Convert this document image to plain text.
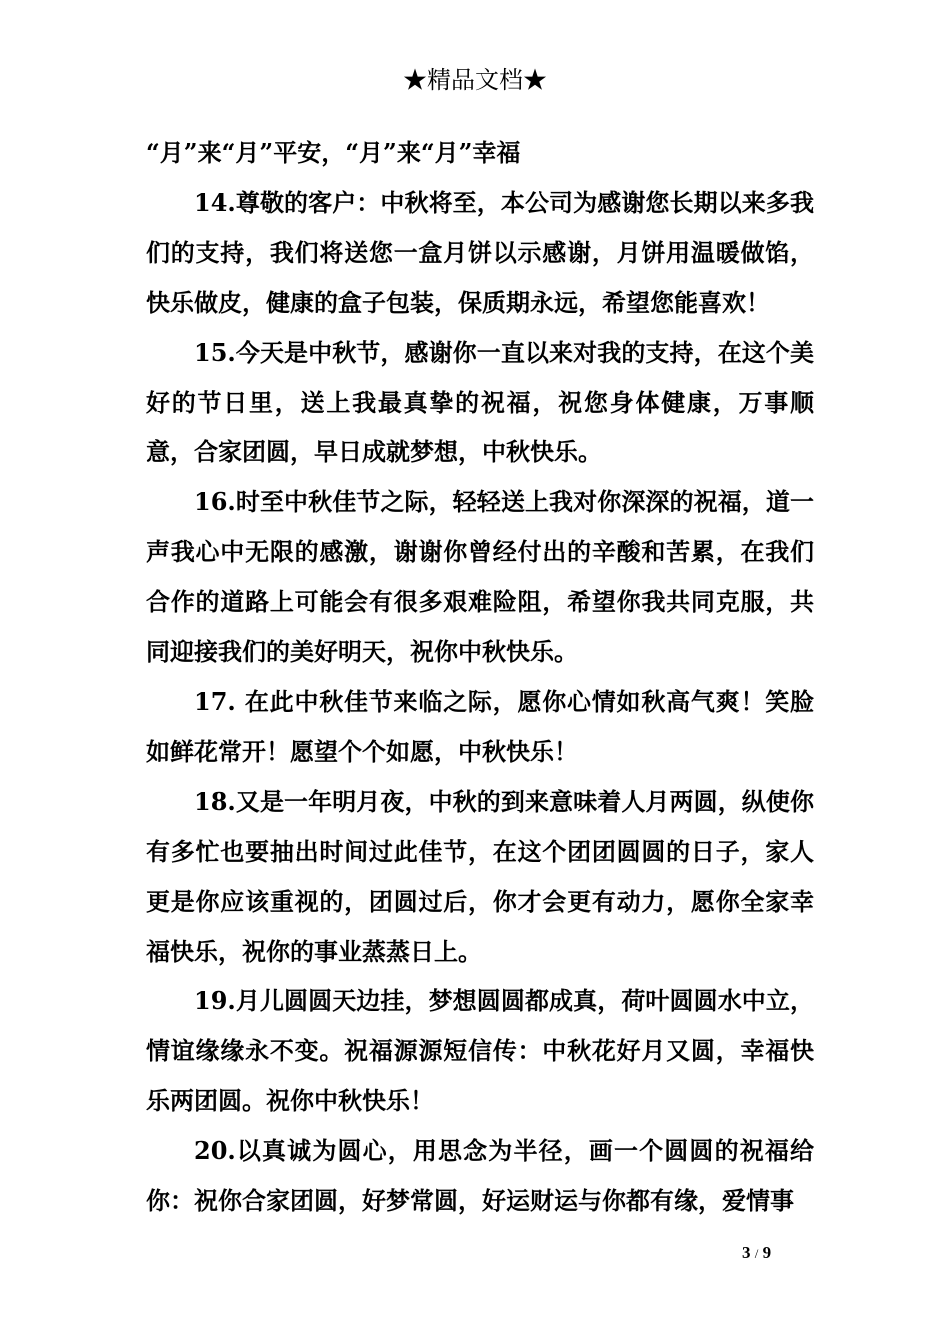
★精品文档★

“月”来“月”平安，“月”来“月”幸福

14.尊敬的客户：中秋将至，本公司为感谢您长期以来多我们的支持，我们将送您一盒月饼以示感谢，月饼用温暖做馅，快乐做皮，健康的盒子包装，保质期永远，希望您能喜欢！

15.今天是中秋节，感谢你一直以来对我的支持，在这个美好的节日里，送上我最真挚的祝福，祝您身体健康，万事顺意，合家团圆，早日成就梦想，中秋快乐。

16.时至中秋佳节之际，轻轻送上我对你深深的祝福，道一声我心中无限的感激，谢谢你曾经付出的辛酸和苦累，在我们合作的道路上可能会有很多艰难险阻，希望你我共同克服，共同迎接我们的美好明天，祝你中秋快乐。

17. 在此中秋佳节来临之际，愿你心情如秋高气爽！笑脸如鲜花常开！愿望个个如愿，中秋快乐！

18.又是一年明月夜，中秋的到来意味着人月两圆，纵使你有多忙也要抽出时间过此佳节，在这个团团圆圆的日子，家人更是你应该重视的，团圆过后，你才会更有动力，愿你全家幸福快乐，祝你的事业蒸蒸日上。

19.月儿圆圆天边挂，梦想圆圆都成真，荷叶圆圆水中立，情谊缘缘永不变。祝福源源短信传：中秋花好月又圆，幸福快乐两团圆。祝你中秋快乐！

20.以真诚为圆心，用思念为半径，画一个圆圆的祝福给你：祝你合家团圆，好梦常圆，好运财运与你都有缘，爱情事

3 / 9
